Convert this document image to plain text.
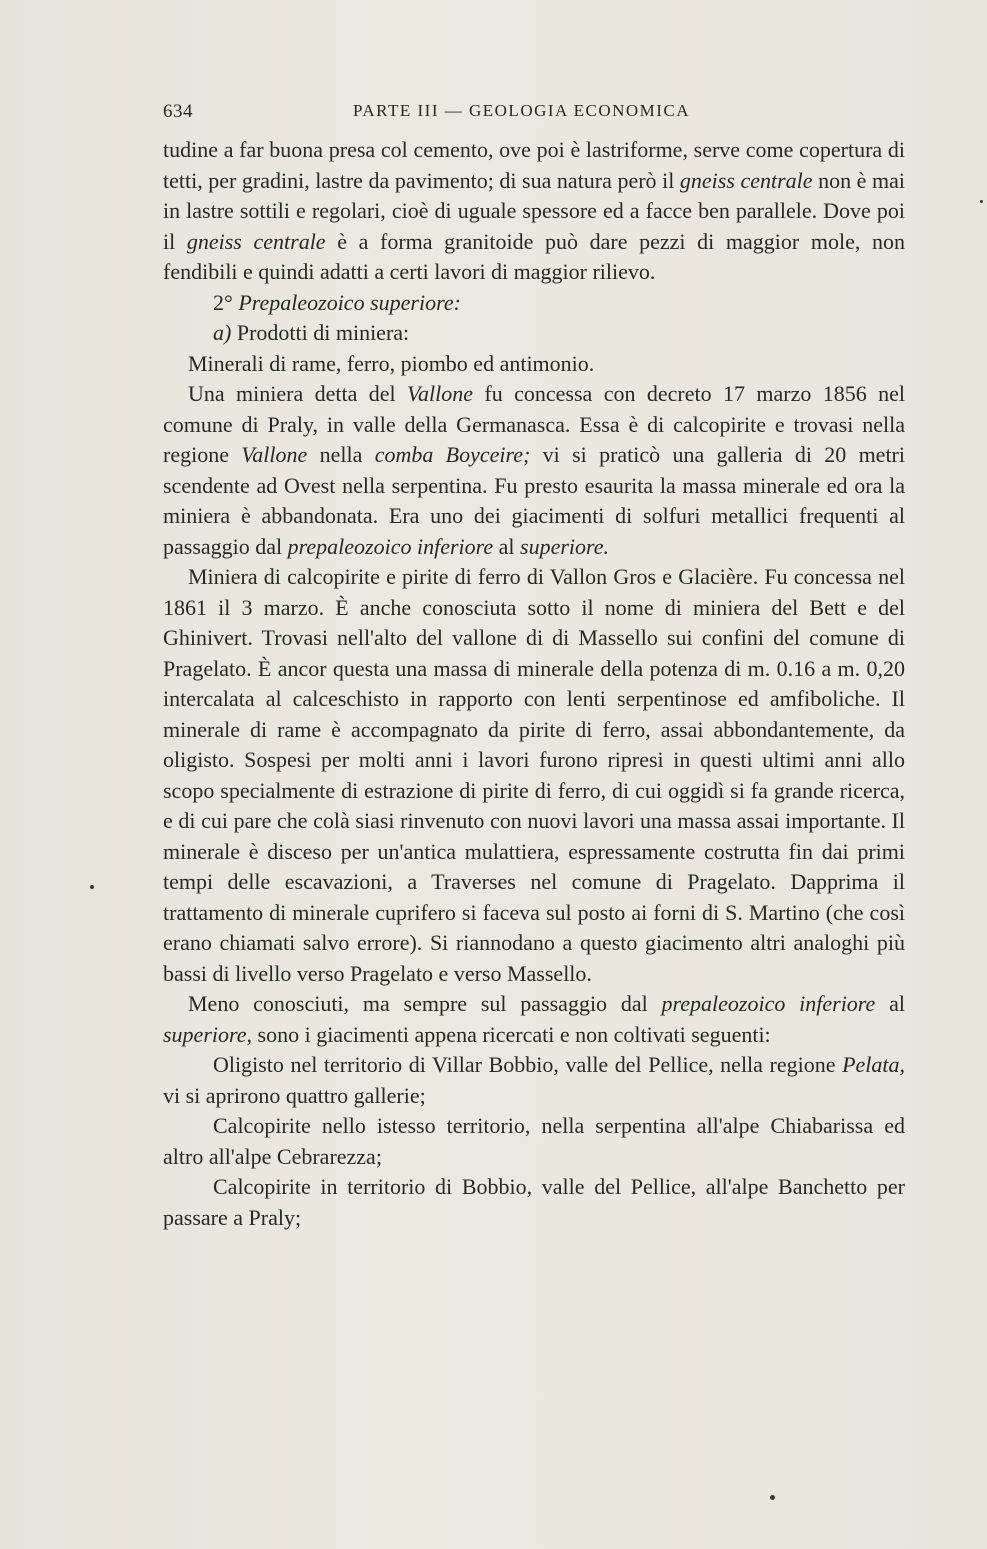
634	PARTE III — GEOLOGIA ECONOMICA

tudine a far buona presa col cemento, ove poi è lastriforme, serve come copertura di tetti, per gradini, lastre da pavimento; di sua natura però il gneiss centrale non è mai in lastre sottili e regolari, cioè di uguale spessore ed a facce ben parallele. Dove poi il gneiss centrale è a forma granitoide può dare pezzi di maggior mole, non fendibili e quindi adatti a certi lavori di maggior rilievo.

2° Prepaleozoico superiore:

a) Prodotti di miniera:

Minerali di rame, ferro, piombo ed antimonio.

Una miniera detta del Vallone fu concessa con decreto 17 marzo 1856 nel comune di Praly, in valle della Germanasca. Essa è di calcopirite e trovasi nella regione Vallone nella comba Boyceire; vi si praticò una galleria di 20 metri scendente ad Ovest nella serpentina. Fu presto esaurita la massa minerale ed ora la miniera è abbandonata. Era uno dei giacimenti di solfuri metallici frequenti al passaggio dal prepaleozoico inferiore al superiore.

Miniera di calcopirite e pirite di ferro di Vallon Gros e Glacière. Fu concessa nel 1861 il 3 marzo. È anche conosciuta sotto il nome di miniera del Bett e del Ghinivert. Trovasi nell'alto del vallone di di Massello sui confini del comune di Pragelato. È ancor questa una massa di minerale della potenza di m. 0.16 a m. 0,20 intercalata al calceschisto in rapporto con lenti serpentinose ed amfiboliche. Il minerale di rame è accompagnato da pirite di ferro, assai abbondantemente, da oligisto. Sospesi per molti anni i lavori furono ripresi in questi ultimi anni allo scopo specialmente di estrazione di pirite di ferro, di cui oggidì si fa grande ricerca, e di cui pare che colà siasi rinvenuto con nuovi lavori una massa assai importante. Il minerale è disceso per un'antica mulattiera, espressamente costrutta fin dai primi tempi delle escavazioni, a Traverses nel comune di Pragelato. Dapprima il trattamento di minerale cuprifero si faceva sul posto ai forni di S. Martino (che così erano chiamati salvo errore). Si riannodano a questo giacimento altri analoghi più bassi di livello verso Pragelato e verso Massello.

Meno conosciuti, ma sempre sul passaggio dal prepaleozoico inferiore al superiore, sono i giacimenti appena ricercati e non coltivati seguenti:

Oligisto nel territorio di Villar Bobbio, valle del Pellice, nella regione Pelata, vi si aprirono quattro gallerie;

Calcopirite nello istesso territorio, nella serpentina all'alpe Chiabarissa ed altro all'alpe Cebrarezza;

Calcopirite in territorio di Bobbio, valle del Pellice, all'alpe Banchetto per passare a Praly;
